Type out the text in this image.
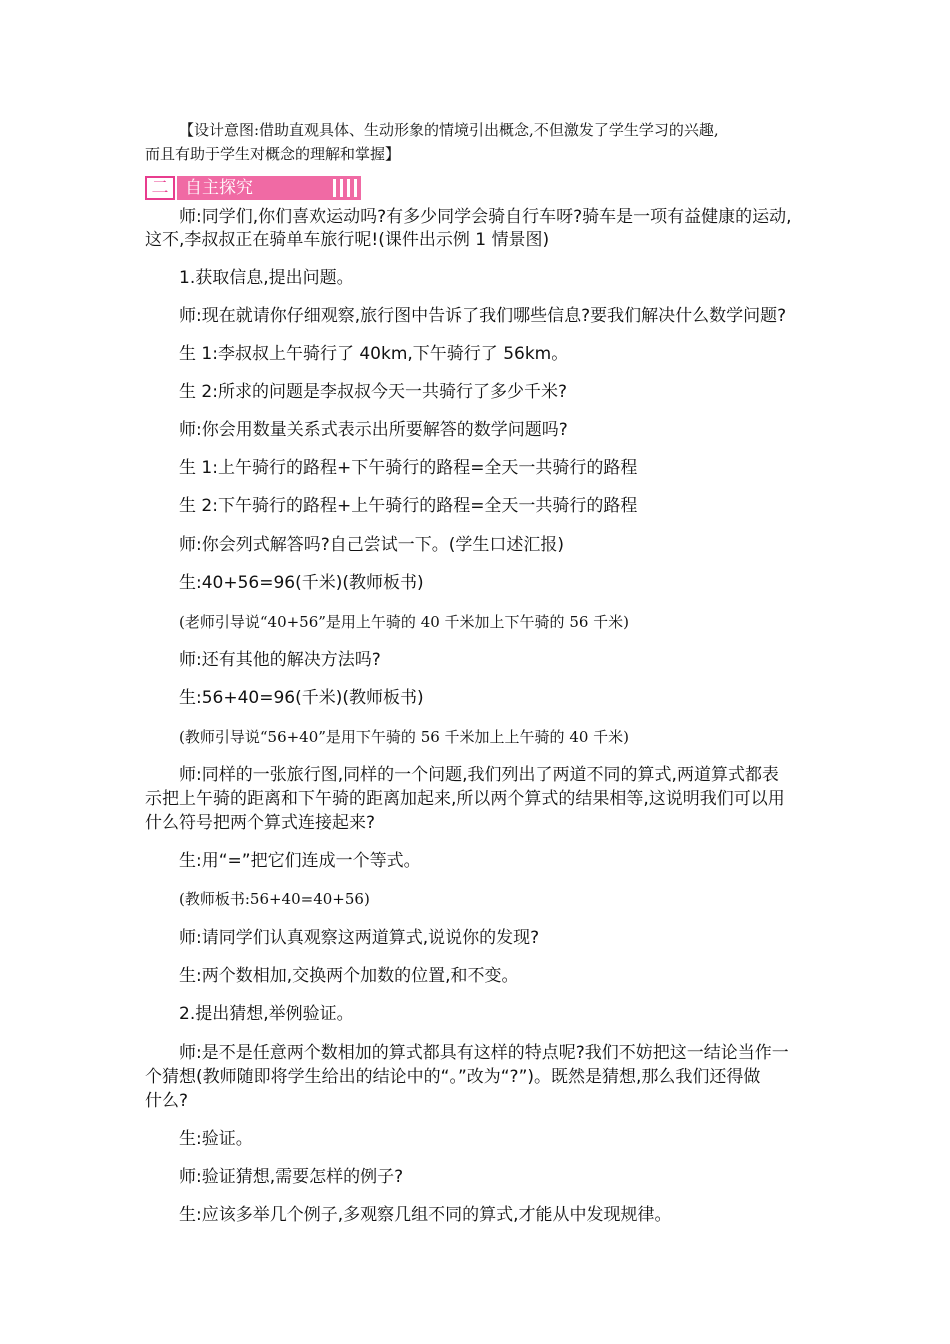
【设计意图:借助直观具体、生动形象的情境引出概念,不但激发了学生学习的兴趣,
而且有助于学生对概念的理解和掌握】
二 自主探究
师:同学们,你们喜欢运动吗?有多少同学会骑自行车呀?骑车是一项有益健康的运动,
这不,李叔叔正在骑单车旅行呢!(课件出示例 1 情景图)
1.获取信息,提出问题。
师:现在就请你仔细观察,旅行图中告诉了我们哪些信息?要我们解决什么数学问题?
生 1:李叔叔上午骑行了 40km,下午骑行了 56km。
生 2:所求的问题是李叔叔今天一共骑行了多少千米?
师:你会用数量关系式表示出所要解答的数学问题吗?
生 1:上午骑行的路程+下午骑行的路程=全天一共骑行的路程
生 2:下午骑行的路程+上午骑行的路程=全天一共骑行的路程
师:你会列式解答吗?自己尝试一下。(学生口述汇报)
生:40+56=96(千米)(教师板书)
(老师引导说“40+56”是用上午骑的 40 千米加上下午骑的 56 千米)
师:还有其他的解决方法吗?
生:56+40=96(千米)(教师板书)
(教师引导说“56+40”是用下午骑的 56 千米加上上午骑的 40 千米)
师:同样的一张旅行图,同样的一个问题,我们列出了两道不同的算式,两道算式都表
示把上午骑的距离和下午骑的距离加起来,所以两个算式的结果相等,这说明我们可以用
什么符号把两个算式连接起来?
生:用“=”把它们连成一个等式。
(教师板书:56+40=40+56)
师:请同学们认真观察这两道算式,说说你的发现?
生:两个数相加,交换两个加数的位置,和不变。
2.提出猜想,举例验证。
师:是不是任意两个数相加的算式都具有这样的特点呢?我们不妨把这一结论当作一
个猜想(教师随即将学生给出的结论中的“。”改为“?”)。既然是猜想,那么我们还得做
什么?
生:验证。
师:验证猜想,需要怎样的例子?
生:应该多举几个例子,多观察几组不同的算式,才能从中发现规律。
